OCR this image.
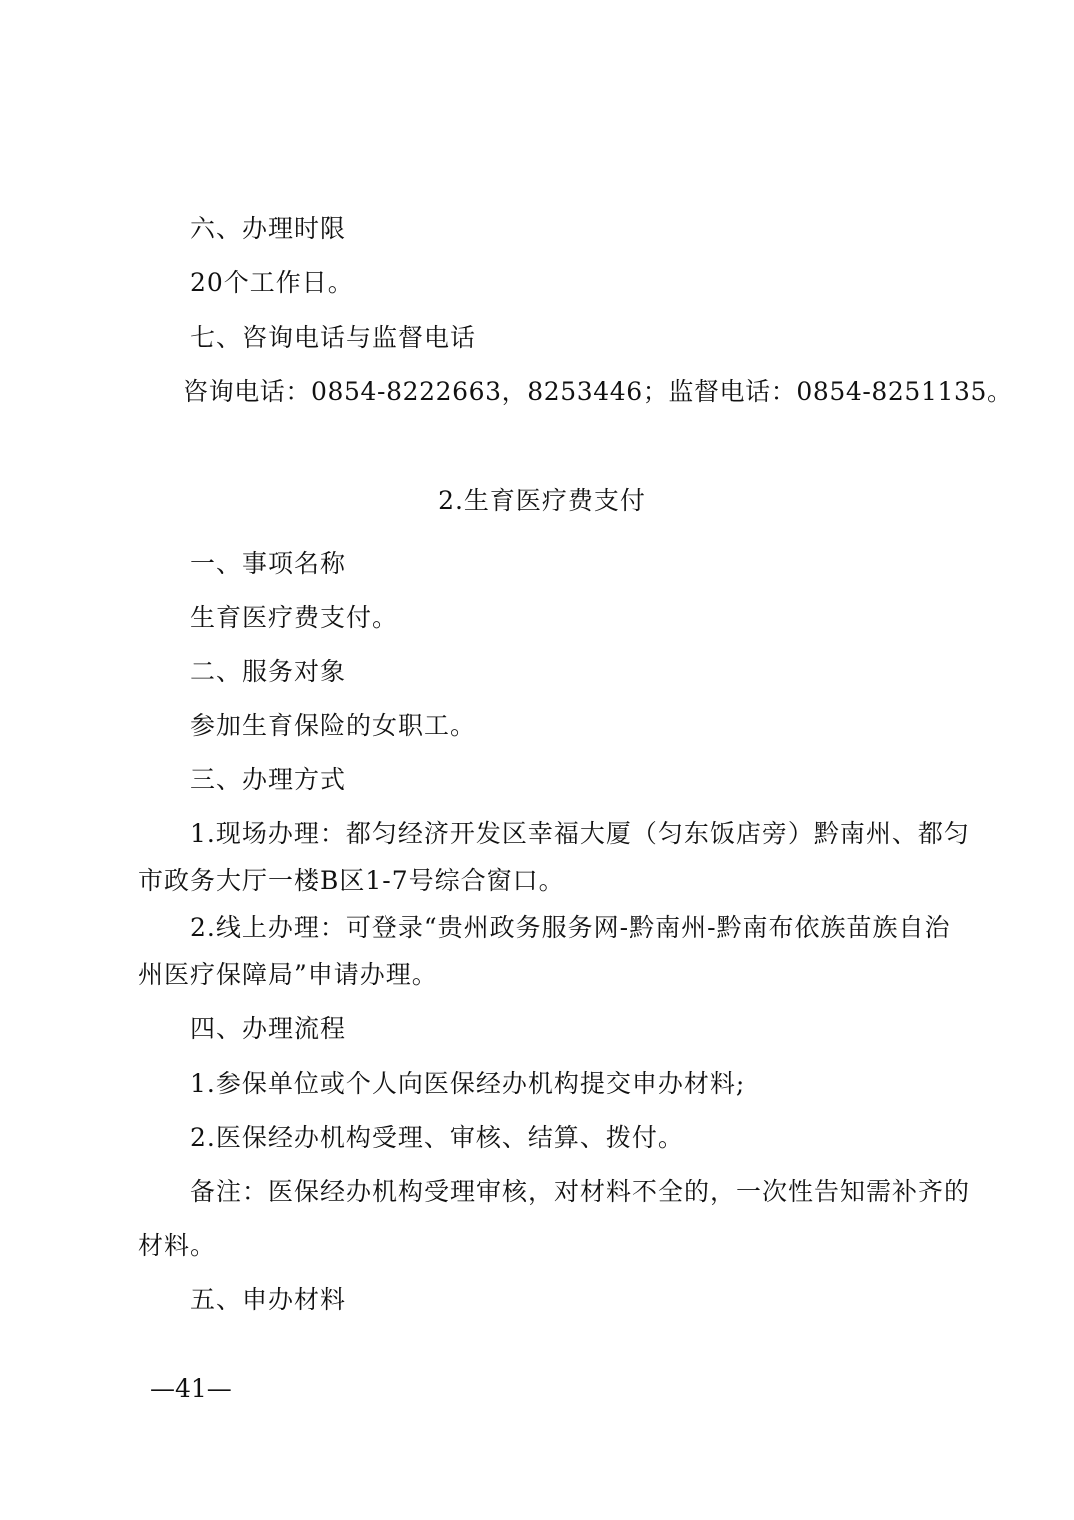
六、办理时限
20个工作日。
七、咨询电话与监督电话
咨询电话：0854-8222663，8253446；监督电话：0854-8251135。
2.生育医疗费支付
一、事项名称
生育医疗费支付。
二、服务对象
参加生育保险的女职工。
三、办理方式
1.现场办理：都匀经济开发区幸福大厦（匀东饭店旁）黔南州、都匀
市政务大厅一楼B区1-7号综合窗口。
2.线上办理：可登录“贵州政务服务网-黔南州-黔南布依族苗族自治
州医疗保障局”申请办理。
四、办理流程
1.参保单位或个人向医保经办机构提交申办材料;
2.医保经办机构受理、审核、结算、拨付。
备注：医保经办机构受理审核，对材料不全的，一次性告知需补齐的
材料。
五、申办材料
—41—
